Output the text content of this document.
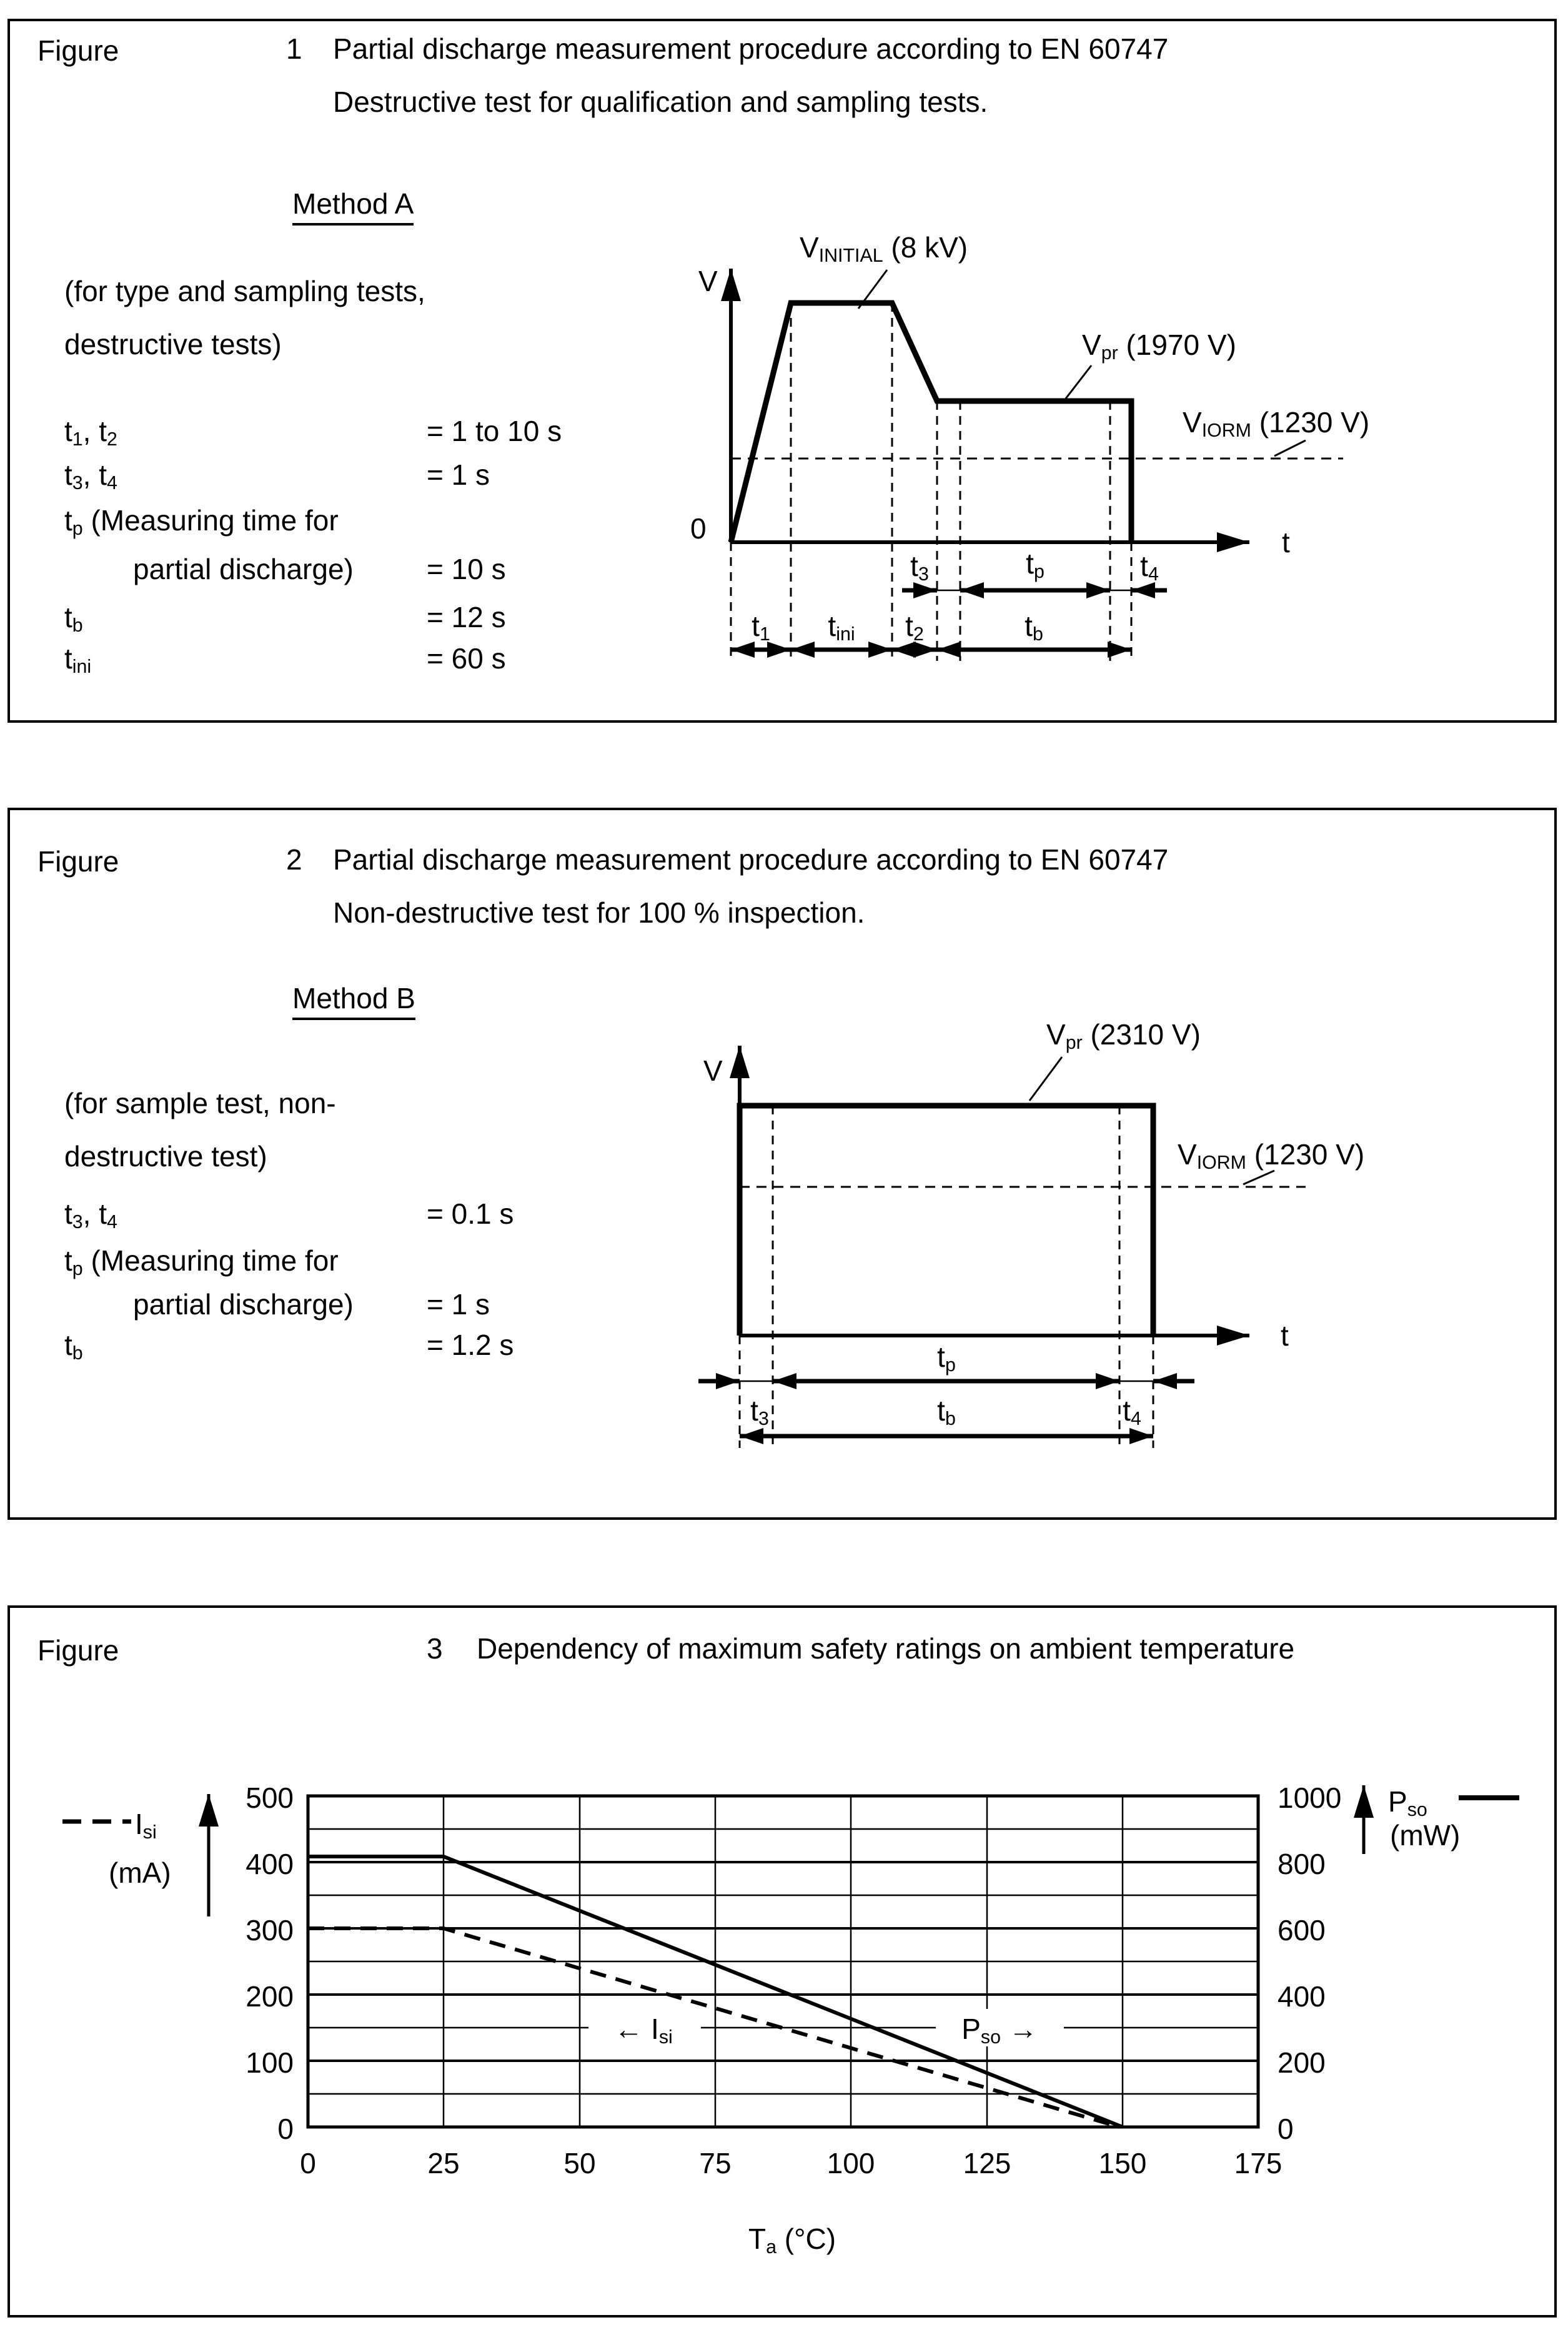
Figure	1 Partial discharge measurement procedure according to EN 60747
Destructive test for qualification and sampling tests.
Method A
(for type and sampling tests,
destructive tests)
$t_1$, $t_2$	= 1 to 10 s
$t_3$, $t_4$	= 1 s
$t_p$ (Measuring time for
partial discharge)	= 10 s
$t_b$	= 12 s
$t_{ini}$	= 60 s
V
0	t
$V_{INITIAL}$ (8 kV)
$V_{pr}$ (1970 V)
$V_{IORM}$ (1230 V)
$t_3$	$t_p$	$t_4$
$t_1$ $t_{ini}$ $t_2$	$t_b$
Figure	2 Partial discharge measurement procedure according to EN 60747
Non-destructive test for 100 % inspection.
Method B
(for sample test, non-
destructive test)
$t_3$, $t_4$	= 0.1 s
$t_p$ (Measuring time for
partial discharge)	= 1 s
$t_b$	= 1.2 s
V
t
$V_{pr}$ (2310 V)
$V_{IORM}$ (1230 V)
$t_p$
$t_3$	$t_b$	$t_4$
Figure	3 Dependency of maximum safety ratings on ambient temperature
500
400
300
200
100
0
1000
800
600
400
200
0
0	25	50	75	100	125	150	175
$T_a$ (°C)
$I_{si}$
(mA)
$P_{so}$
(mW)
← $I_{si}$	$P_{so}$ →
